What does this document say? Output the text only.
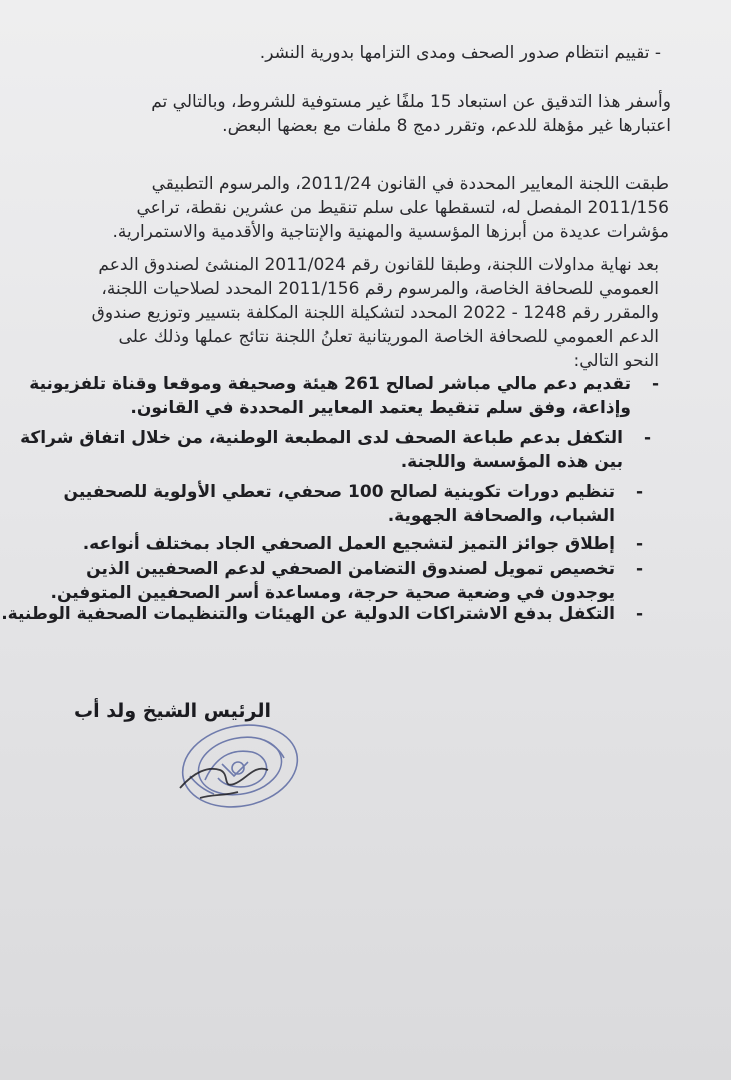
- تقييم انتظام صدور الصحف ومدى التزامها بدورية النشر.
وأسفر هذا التدقيق عن استبعاد 15 ملفًا غير مستوفية للشروط، وبالتالي تم
اعتبارها غير مؤهلة للدعم، وتقرر دمج 8 ملفات مع بعضها البعض.
طبقت اللجنة المعايير المحددة في القانون 2011/24، والمرسوم التطبيقي
2011/156 المفصل له، لتسقطها على سلم تنقيط من عشرين نقطة، تراعي
مؤشرات عديدة من أبرزها المؤسسية والمهنية والإنتاجية والأقدمية والاستمرارية.
بعد نهاية مداولات اللجنة، وطبقا للقانون رقم 2011/024 المنشئ لصندوق الدعم
العمومي للصحافة الخاصة، والمرسوم رقم 2011/156 المحدد لصلاحيات اللجنة،
والمقرر رقم 1248 - 2022 المحدد لتشكيلة اللجنة المكلفة بتسيير وتوزيع صندوق
الدعم العمومي للصحافة الخاصة الموريتانية تعلنُ اللجنة نتائج عملها وذلك على
النحو التالي:
-
تقديم دعم مالي مباشر لصالح 261 هيئة وصحيفة وموقعا وقناة تلفزيونية
وإذاعة، وفق سلم تنقيط يعتمد المعايير المحددة في القانون.
-
التكفل بدعم طباعة الصحف لدى المطبعة الوطنية، من خلال اتفاق شراكة
بين هذه المؤسسة واللجنة.
-
تنظيم دورات تكوينية لصالح 100 صحفي، تعطي الأولوية للصحفيين
الشباب، والصحافة الجهوية.
-
إطلاق جوائز التميز لتشجيع العمل الصحفي الجاد بمختلف أنواعه.
-
تخصيص تمويل لصندوق التضامن الصحفي لدعم الصحفيين الذين
يوجدون في وضعية صحية حرجة، ومساعدة أسر الصحفيين المتوفين.
-
التكفل بدفع الاشتراكات الدولية عن الهيئات والتنظيمات الصحفية الوطنية.
الرئيس الشيخ ولد أب
